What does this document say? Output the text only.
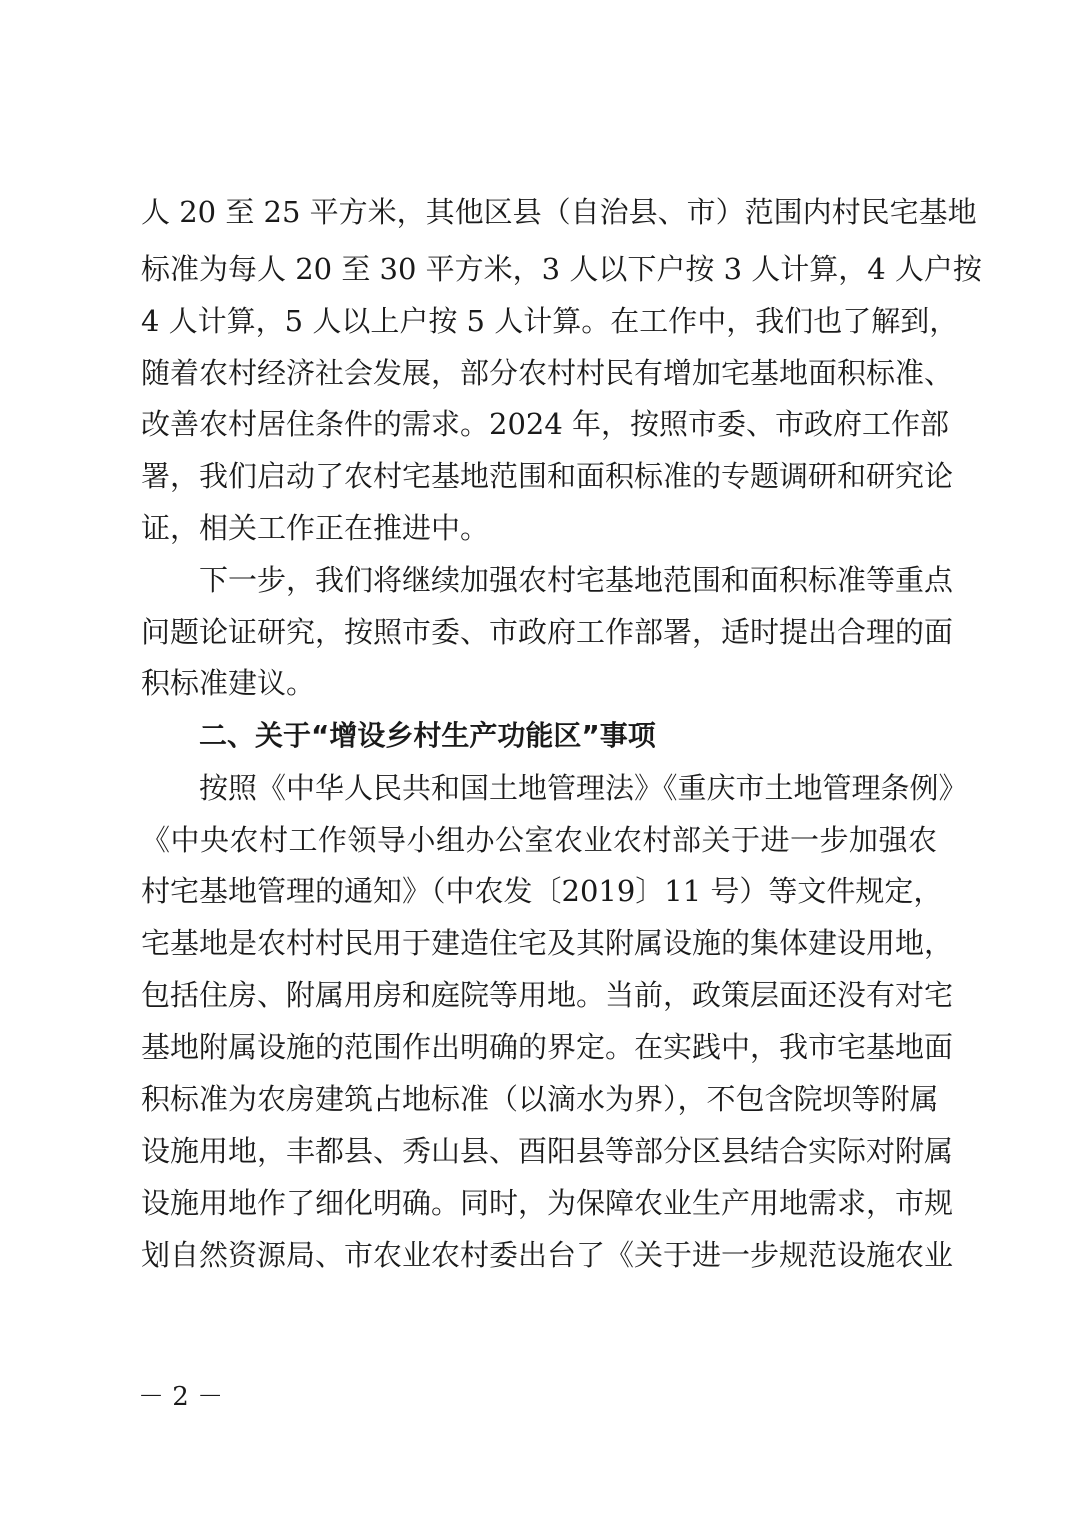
人 20 至 25 平方米，其他区县（自治县、市）范围内村民宅基地
标准为每人 20 至 30 平方米，3 人以下户按 3 人计算，4 人户按
4 人计算，5 人以上户按 5 人计算。在工作中，我们也了解到，
随着农村经济社会发展，部分农村村民有增加宅基地面积标准、
改善农村居住条件的需求。2024 年，按照市委、市政府工作部
署，我们启动了农村宅基地范围和面积标准的专题调研和研究论
证，相关工作正在推进中。
下一步，我们将继续加强农村宅基地范围和面积标准等重点
问题论证研究，按照市委、市政府工作部署，适时提出合理的面
积标准建议。
二、关于“增设乡村生产功能区”事项
按照《中华人民共和国土地管理法》《重庆市土地管理条例》
《中央农村工作领导小组办公室农业农村部关于进一步加强农
村宅基地管理的通知》（中农发〔2019〕11 号）等文件规定，
宅基地是农村村民用于建造住宅及其附属设施的集体建设用地，
包括住房、附属用房和庭院等用地。当前，政策层面还没有对宅
基地附属设施的范围作出明确的界定。在实践中，我市宅基地面
积标准为农房建筑占地标准（以滴水为界），不包含院坝等附属
设施用地，丰都县、秀山县、酉阳县等部分区县结合实际对附属
设施用地作了细化明确。同时，为保障农业生产用地需求，市规
划自然资源局、市农业农村委出台了《关于进一步规范设施农业
－ 2 －
